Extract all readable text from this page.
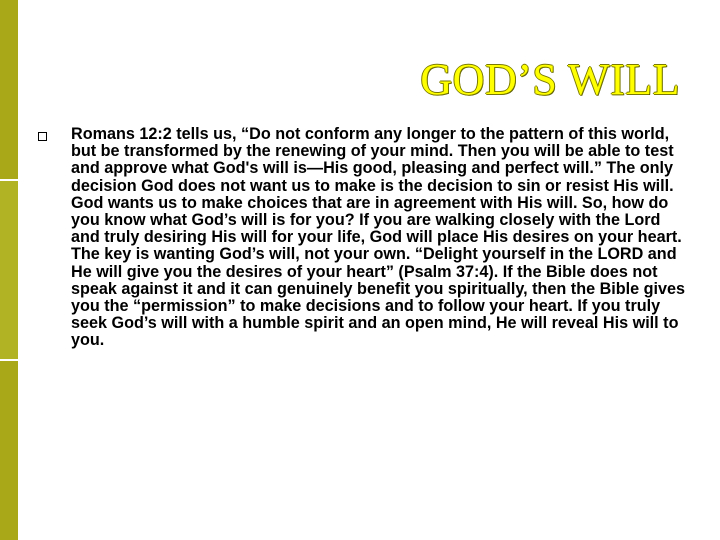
GOD’S WILL

Romans 12:2 tells us, “Do not conform any longer to the pattern of this world, but be transformed by the renewing of your mind. Then you will be able to test and approve what God's will is—His good, pleasing and perfect will.” The only decision God does not want us to make is the decision to sin or resist His will. God wants us to make choices that are in agreement with His will. So, how do you know what God’s will is for you? If you are walking closely with the Lord and truly desiring His will for your life, God will place His desires on your heart. The key is wanting God’s will, not your own. “Delight yourself in the LORD and He will give you the desires of your heart” (Psalm 37:4). If the Bible does not speak against it and it can genuinely benefit you spiritually, then the Bible gives you the “permission” to make decisions and to follow your heart. If you truly seek God’s will with a humble spirit and an open mind, He will reveal His will to you.
